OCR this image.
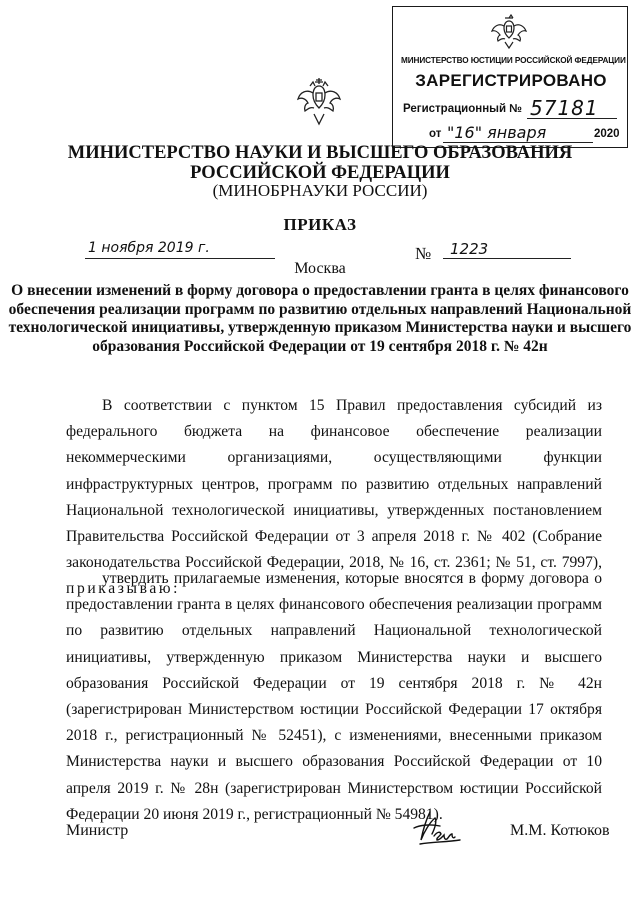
МИНИСТЕРСТВО ЮСТИЦИИ РОССИЙСКОЙ ФЕДЕРАЦИИ
ЗАРЕГИСТРИРОВАНО
Регистрационный № 57181
от "16" января	2020
МИНИСТЕРСТВО НАУКИ И ВЫСШЕГО ОБРАЗОВАНИЯ РОССИЙСКОЙ ФЕДЕРАЦИИ
(МИНОБРНАУКИ РОССИИ)
ПРИКАЗ
1 ноября 2019 г.	№ 1223
Москва
О внесении изменений в форму договора о предоставлении гранта в целях финансового обеспечения реализации программ по развитию отдельных направлений Национальной технологической инициативы, утвержденную приказом Министерства науки и высшего образования Российской Федерации от 19 сентября 2018 г. № 42н
В соответствии с пунктом 15 Правил предоставления субсидий из федерального бюджета на финансовое обеспечение реализации некоммерческими организациями, осуществляющими функции инфраструктурных центров, программ по развитию отдельных направлений Национальной технологической инициативы, утвержденных постановлением Правительства Российской Федерации от 3 апреля 2018 г. № 402 (Собрание законодательства Российской Федерации, 2018, № 16, ст. 2361; № 51, ст. 7997), приказываю:
утвердить прилагаемые изменения, которые вносятся в форму договора о предоставлении гранта в целях финансового обеспечения реализации программ по развитию отдельных направлений Национальной технологической инициативы, утвержденную приказом Министерства науки и высшего образования Российской Федерации от 19 сентября 2018 г. № 42н (зарегистрирован Министерством юстиции Российской Федерации 17 октября 2018 г., регистрационный № 52451), с изменениями, внесенными приказом Министерства науки и высшего образования Российской Федерации от 10 апреля 2019 г. № 28н (зарегистрирован Министерством юстиции Российской Федерации 20 июня 2019 г., регистрационный № 54981).
Министр	М.М. Котюков
